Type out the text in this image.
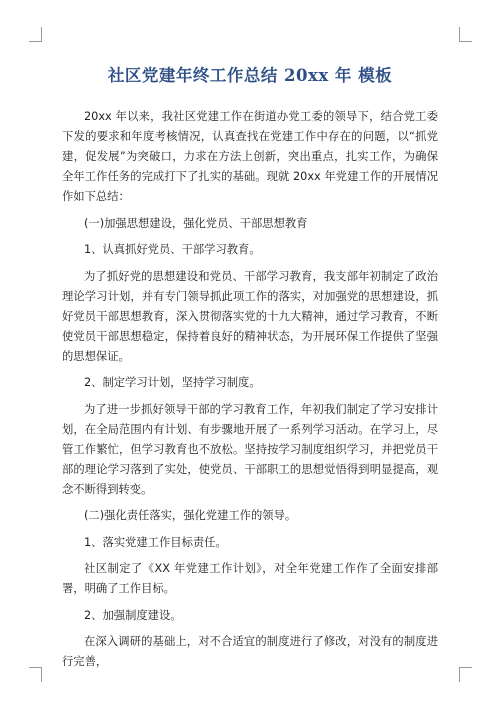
社区党建年终工作总结 20xx 年 模板

20xx 年以来，我社区党建工作在街道办党工委的领导下，结合党工委下发的要求和年度考核情况，认真查找在党建工作中存在的问题，以“抓党建，促发展”为突破口，力求在方法上创新，突出重点，扎实工作，为确保全年工作任务的完成打下了扎实的基础。现就 20xx 年党建工作的开展情况作如下总结：

(一)加强思想建设，强化党员、干部思想教育

1、认真抓好党员、干部学习教育。

为了抓好党的思想建设和党员、干部学习教育，我支部年初制定了政治理论学习计划，并有专门领导抓此项工作的落实，对加强党的思想建设，抓好党员干部思想教育，深入贯彻落实党的十九大精神，通过学习教育，不断使党员干部思想稳定，保持着良好的精神状态，为开展环保工作提供了坚强的思想保证。

2、制定学习计划，坚持学习制度。

为了进一步抓好领导干部的学习教育工作，年初我们制定了学习安排计划，在全局范围内有计划、有步骤地开展了一系列学习活动。在学习上，尽管工作繁忙，但学习教育也不放松。坚持按学习制度组织学习，并把党员干部的理论学习落到了实处，使党员、干部职工的思想觉悟得到明显提高，观念不断得到转变。

(二)强化责任落实，强化党建工作的领导。

1、落实党建工作目标责任。

社区制定了《XX 年党建工作计划》，对全年党建工作作了全面安排部署，明确了工作目标。

2、加强制度建设。

在深入调研的基础上，对不合适宜的制度进行了修改，对没有的制度进行完善，
